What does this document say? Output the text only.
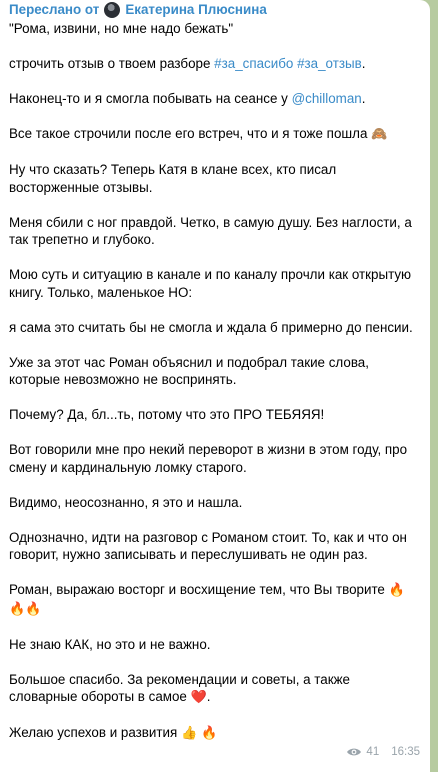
Переслано от Екатерина Плюснина

"Рома, извини, но мне надо бежать"

строчить отзыв о твоем разборе #за_спасибо #за_отзыв.

Наконец-то и я смогла побывать на сеансе у @chilloman.

Все такое строчили после его встреч, что и я тоже пошла 🙈

Ну что сказать? Теперь Катя в клане всех, кто писал

восторженные отзывы.

Меня сбили с ног правдой. Четко, в самую душу. Без наглости, а

так трепетно и глубоко.

Мою суть и ситуацию в канале и по каналу прочли как открытую

книгу. Только, маленькое НО:

я сама это считать бы не смогла и ждала б примерно до пенсии.

Уже за этот час Роман объяснил и подобрал такие слова,

которые невозможно не воспринять.

Почему? Да, бл...ть, потому что это ПРО ТЕБЯЯЯ!

Вот говорили мне про некий переворот в жизни в этом году, про

смену и кардинальную ломку старого.

Видимо, неосознанно, я это и нашла.

Однозначно, идти на разговор с Романом стоит. То, как и что он

говорит, нужно записывать и переслушивать не один раз.

Роман, выражаю восторг и восхищение тем, что Вы творите 🔥

🔥🔥

Не знаю КАК, но это и не важно.

Большое спасибо. За рекомендации и советы, а также

словарные обороты в самое ❤️.

Желаю успехов и развития 👍 🔥

41 16:35
